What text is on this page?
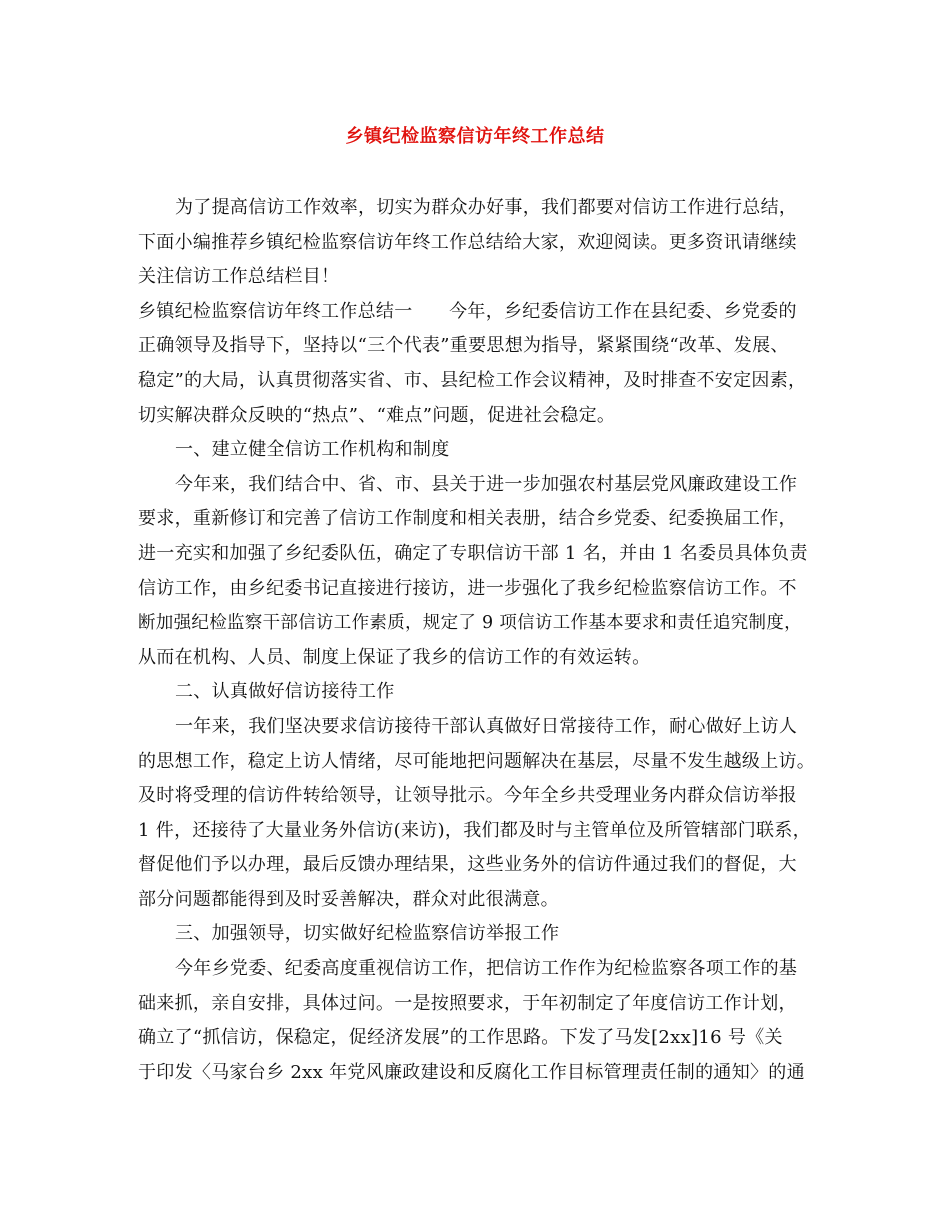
乡镇纪检监察信访年终工作总结
为了提高信访工作效率，切实为群众办好事，我们都要对信访工作进行总结，
下面小编推荐乡镇纪检监察信访年终工作总结给大家，欢迎阅读。更多资讯请继续
关注信访工作总结栏目！
乡镇纪检监察信访年终工作总结一　　今年，乡纪委信访工作在县纪委、乡党委的
正确领导及指导下，坚持以“三个代表”重要思想为指导，紧紧围绕“改革、发展、
稳定”的大局，认真贯彻落实省、市、县纪检工作会议精神，及时排查不安定因素，
切实解决群众反映的“热点”、“难点”问题，促进社会稳定。
一、建立健全信访工作机构和制度
今年来，我们结合中、省、市、县关于进一步加强农村基层党风廉政建设工作
要求，重新修订和完善了信访工作制度和相关表册，结合乡党委、纪委换届工作，
进一充实和加强了乡纪委队伍，确定了专职信访干部 1 名，并由 1 名委员具体负责
信访工作，由乡纪委书记直接进行接访，进一步强化了我乡纪检监察信访工作。不
断加强纪检监察干部信访工作素质，规定了 9 项信访工作基本要求和责任追究制度，
从而在机构、人员、制度上保证了我乡的信访工作的有效运转。
二、认真做好信访接待工作
一年来，我们坚决要求信访接待干部认真做好日常接待工作，耐心做好上访人
的思想工作，稳定上访人情绪，尽可能地把问题解决在基层，尽量不发生越级上访。
及时将受理的信访件转给领导，让领导批示。今年全乡共受理业务内群众信访举报
1 件，还接待了大量业务外信访(来访)，我们都及时与主管单位及所管辖部门联系，
督促他们予以办理，最后反馈办理结果，这些业务外的信访件通过我们的督促，大
部分问题都能得到及时妥善解决，群众对此很满意。
三、加强领导，切实做好纪检监察信访举报工作
今年乡党委、纪委高度重视信访工作，把信访工作作为纪检监察各项工作的基
础来抓，亲自安排，具体过问。一是按照要求，于年初制定了年度信访工作计划，
确立了“抓信访，保稳定，促经济发展”的工作思路。下发了马发[2xx]16 号《关
于印发〈马家台乡 2xx 年党风廉政建设和反腐化工作目标管理责任制的通知〉的通
